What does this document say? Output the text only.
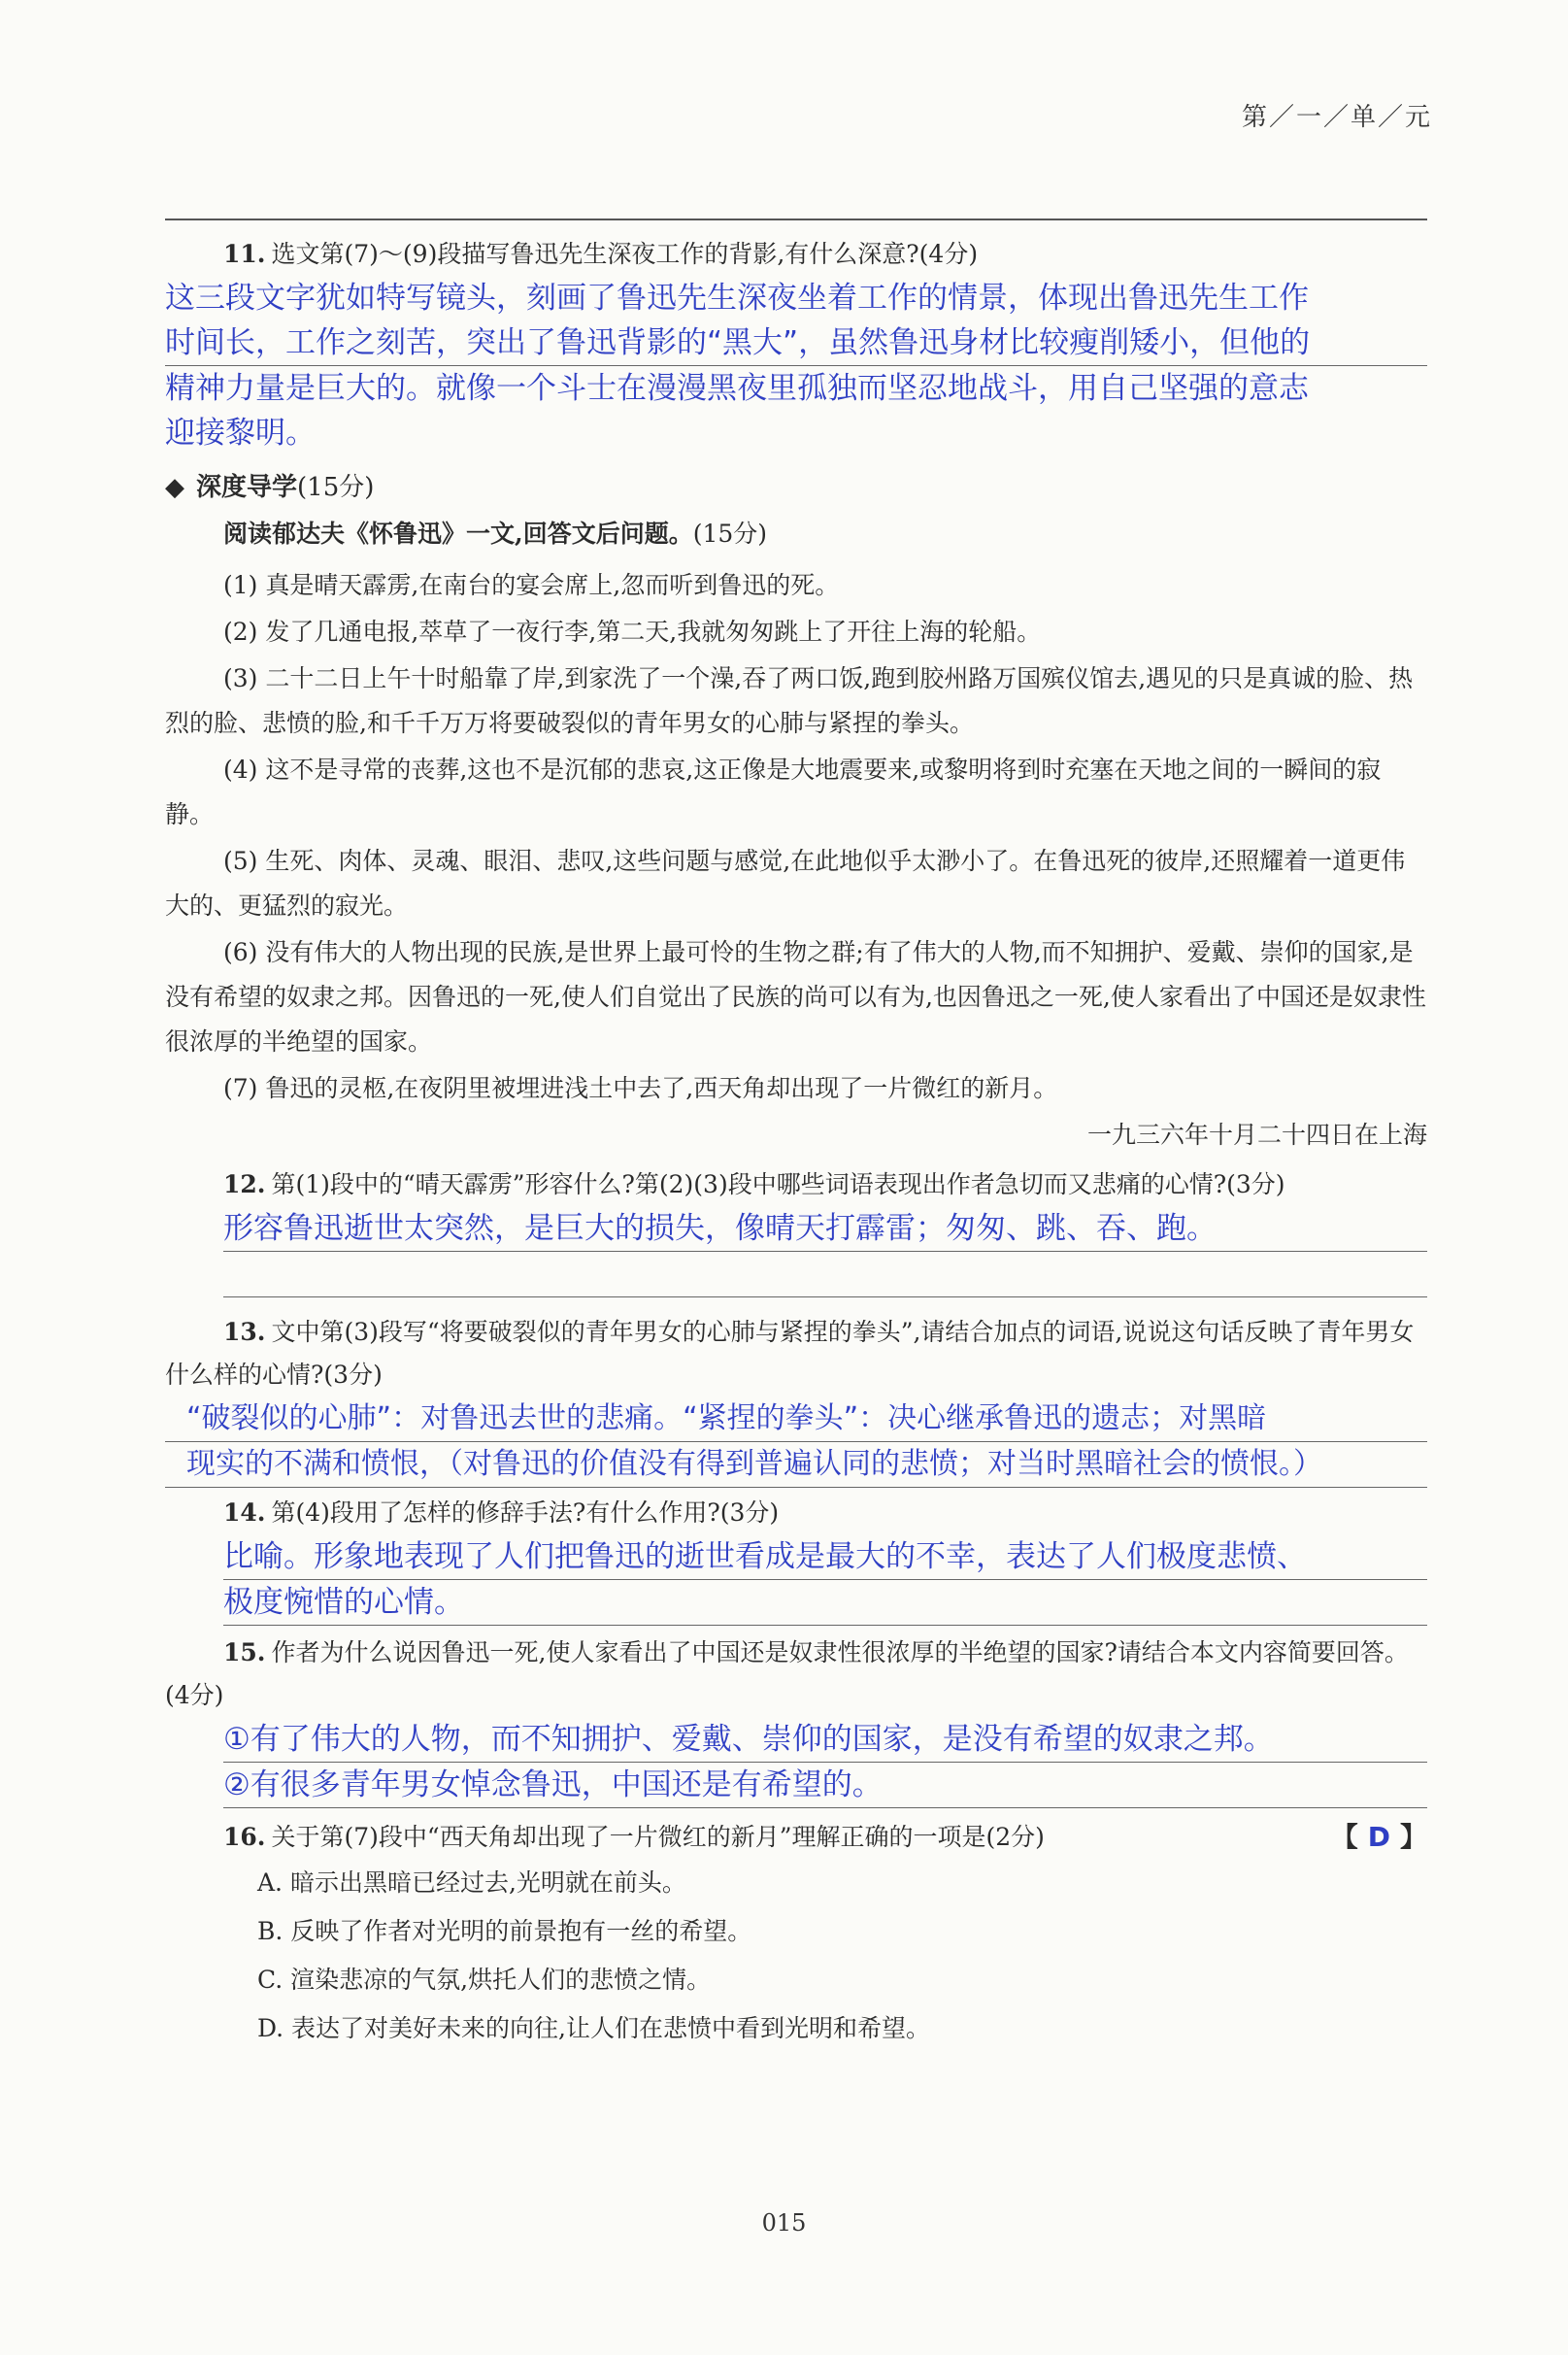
第／一／单／元

11. 选文第(7)～(9)段描写鲁迅先生深夜工作的背影,有什么深意?(4分)

这三段文字犹如特写镜头，刻画了鲁迅先生深夜坐着工作的情景，体现出鲁迅先生工作

时间长，工作之刻苦，突出了鲁迅背影的“黑大”，虽然鲁迅身材比较瘦削矮小，但他的

精神力量是巨大的。就像一个斗士在漫漫黑夜里孤独而坚忍地战斗，用自己坚强的意志

迎接黎明。

◆ 深度导学(15分)
阅读郁达夫《怀鲁迅》一文,回答文后问题。(15分)

(1) 真是晴天霹雳,在南台的宴会席上,忽而听到鲁迅的死。

(2) 发了几通电报,萃草了一夜行李,第二天,我就匆匆跳上了开往上海的轮船。

(3) 二十二日上午十时船靠了岸,到家洗了一个澡,吞了两口饭,跑到胶州路万国殡仪馆去,遇见的只是真诚的脸、热烈的脸、悲愤的脸,和千千万万将要破裂似的青年男女的心肺与紧捏的拳头。

(4) 这不是寻常的丧葬,这也不是沉郁的悲哀,这正像是大地震要来,或黎明将到时充塞在天地之间的一瞬间的寂静。

(5) 生死、肉体、灵魂、眼泪、悲叹,这些问题与感觉,在此地似乎太渺小了。在鲁迅死的彼岸,还照耀着一道更伟大的、更猛烈的寂光。

(6) 没有伟大的人物出现的民族,是世界上最可怜的生物之群;有了伟大的人物,而不知拥护、爱戴、崇仰的国家,是没有希望的奴隶之邦。因鲁迅的一死,使人们自觉出了民族的尚可以有为,也因鲁迅之一死,使人家看出了中国还是奴隶性很浓厚的半绝望的国家。

(7) 鲁迅的灵柩,在夜阴里被埋进浅土中去了,西天角却出现了一片微红的新月。

一九三六年十月二十四日在上海

12. 第(1)段中的“晴天霹雳”形容什么?第(2)(3)段中哪些词语表现出作者急切而又悲痛的心情?(3分)

形容鲁迅逝世太突然，是巨大的损失，像晴天打霹雷；匆匆、跳、吞、跑。

13. 文中第(3)段写“将要破裂似的青年男女的心肺与紧捏的拳头”,请结合加点的词语,说说这句话反映了青年男女什么样的心情?(3分)

“破裂似的心肺”：对鲁迅去世的悲痛。“紧捏的拳头”：决心继承鲁迅的遗志；对黑暗

现实的不满和愤恨，（对鲁迅的价值没有得到普遍认同的悲愤；对当时黑暗社会的愤恨。）

14. 第(4)段用了怎样的修辞手法?有什么作用?(3分)

比喻。形象地表现了人们把鲁迅的逝世看成是最大的不幸，表达了人们极度悲愤、

极度惋惜的心情。

15. 作者为什么说因鲁迅一死,使人家看出了中国还是奴隶性很浓厚的半绝望的国家?请结合本文内容简要回答。(4分)

①有了伟大的人物，而不知拥护、爱戴、崇仰的国家，是没有希望的奴隶之邦。

②有很多青年男女悼念鲁迅，中国还是有希望的。

16. 关于第(7)段中“西天角却出现了一片微红的新月”理解正确的一项是(2分)	【 D 】

A. 暗示出黑暗已经过去,光明就在前头。

B. 反映了作者对光明的前景抱有一丝的希望。

C. 渲染悲凉的气氛,烘托人们的悲愤之情。

D. 表达了对美好未来的向往,让人们在悲愤中看到光明和希望。

015
